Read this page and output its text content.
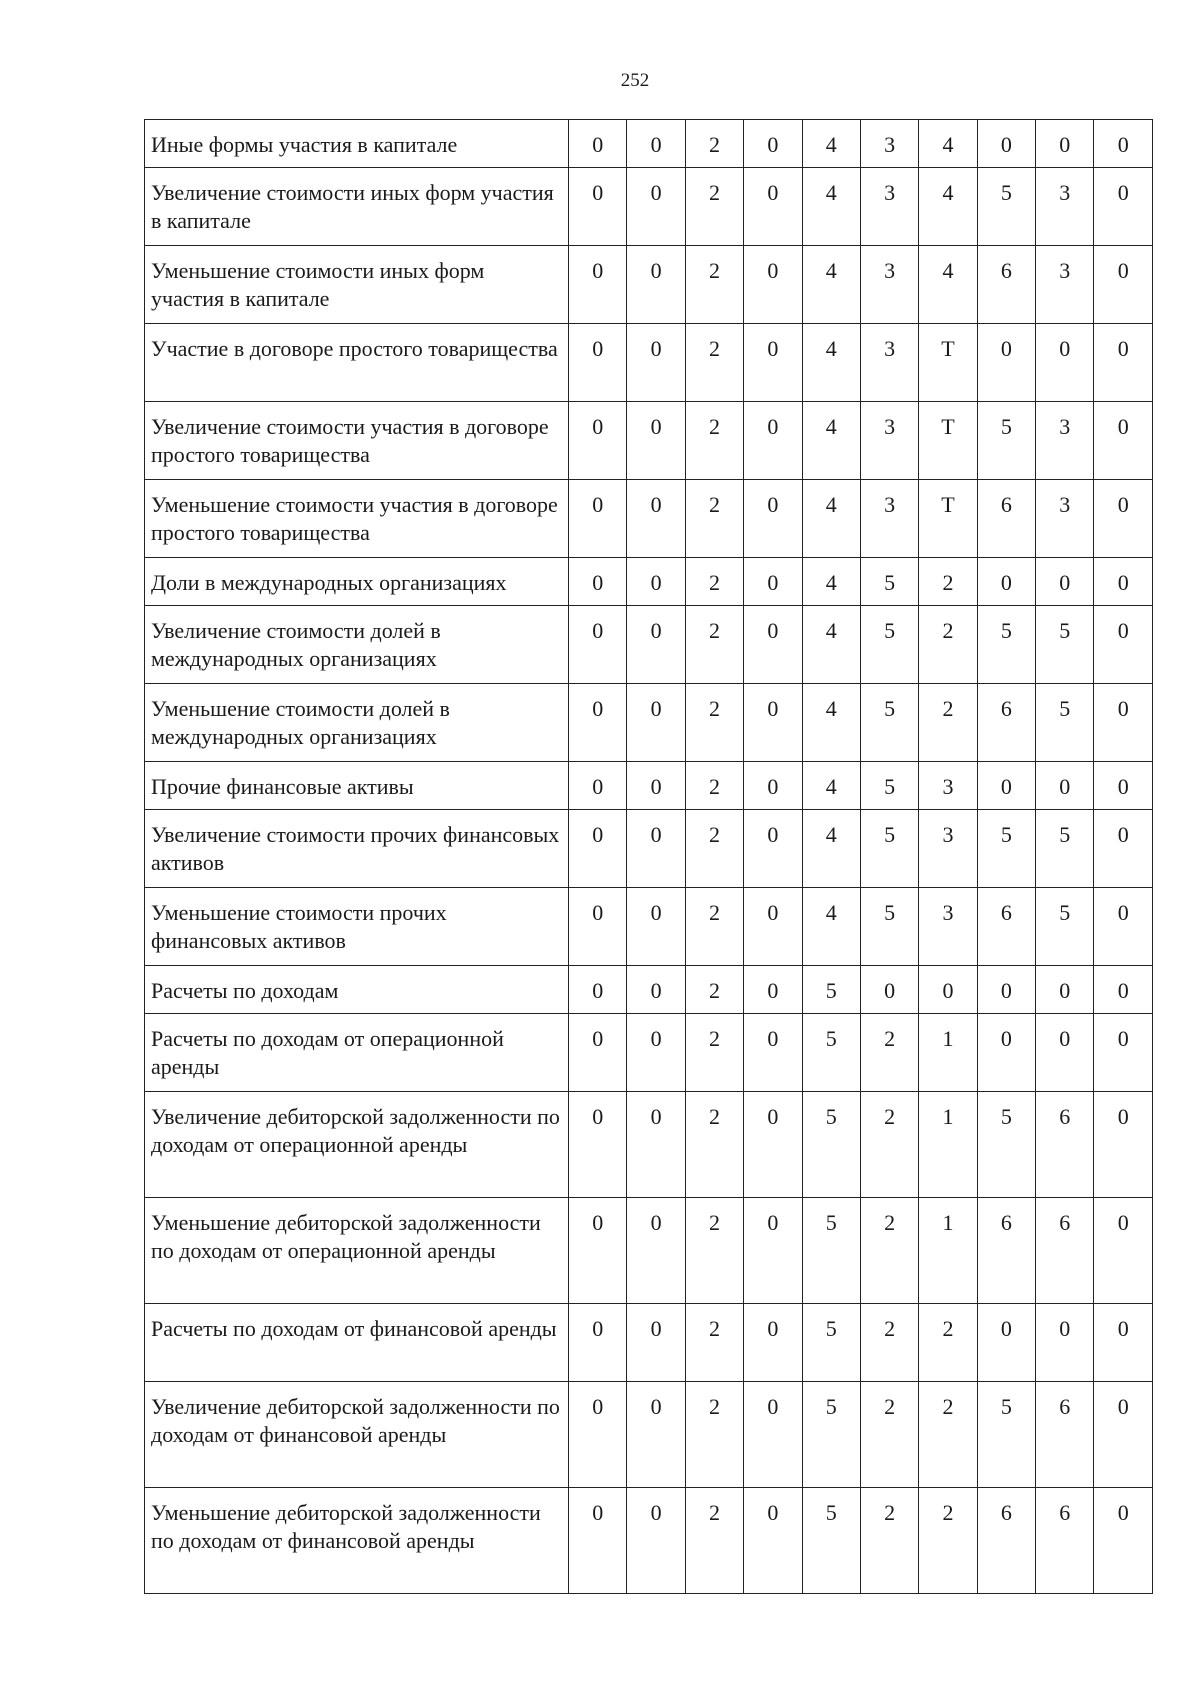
252
Иные формы участия в капитале	0	0	2	0	4	3	4	0	0	0
Увеличение стоимости иных форм участия в капитале	0	0	2	0	4	3	4	5	3	0
Уменьшение стоимости иных форм участия в капитале	0	0	2	0	4	3	4	6	3	0
Участие в договоре простого товарищества	0	0	2	0	4	3	Т	0	0	0
Увеличение стоимости участия в договоре простого товарищества	0	0	2	0	4	3	Т	5	3	0
Уменьшение стоимости участия в договоре простого товарищества	0	0	2	0	4	3	Т	6	3	0
Доли в международных организациях	0	0	2	0	4	5	2	0	0	0
Увеличение стоимости долей в международных организациях	0	0	2	0	4	5	2	5	5	0
Уменьшение стоимости долей в международных организациях	0	0	2	0	4	5	2	6	5	0
Прочие финансовые активы	0	0	2	0	4	5	3	0	0	0
Увеличение стоимости прочих финансовых активов	0	0	2	0	4	5	3	5	5	0
Уменьшение стоимости прочих финансовых активов	0	0	2	0	4	5	3	6	5	0
Расчеты по доходам	0	0	2	0	5	0	0	0	0	0
Расчеты по доходам от операционной аренды	0	0	2	0	5	2	1	0	0	0
Увеличение дебиторской задолженности по доходам от операционной аренды	0	0	2	0	5	2	1	5	6	0
Уменьшение дебиторской задолженности по доходам от операционной аренды	0	0	2	0	5	2	1	6	6	0
Расчеты по доходам от финансовой аренды	0	0	2	0	5	2	2	0	0	0
Увеличение дебиторской задолженности по доходам от финансовой аренды	0	0	2	0	5	2	2	5	6	0
Уменьшение дебиторской задолженности по доходам от финансовой аренды	0	0	2	0	5	2	2	6	6	0
